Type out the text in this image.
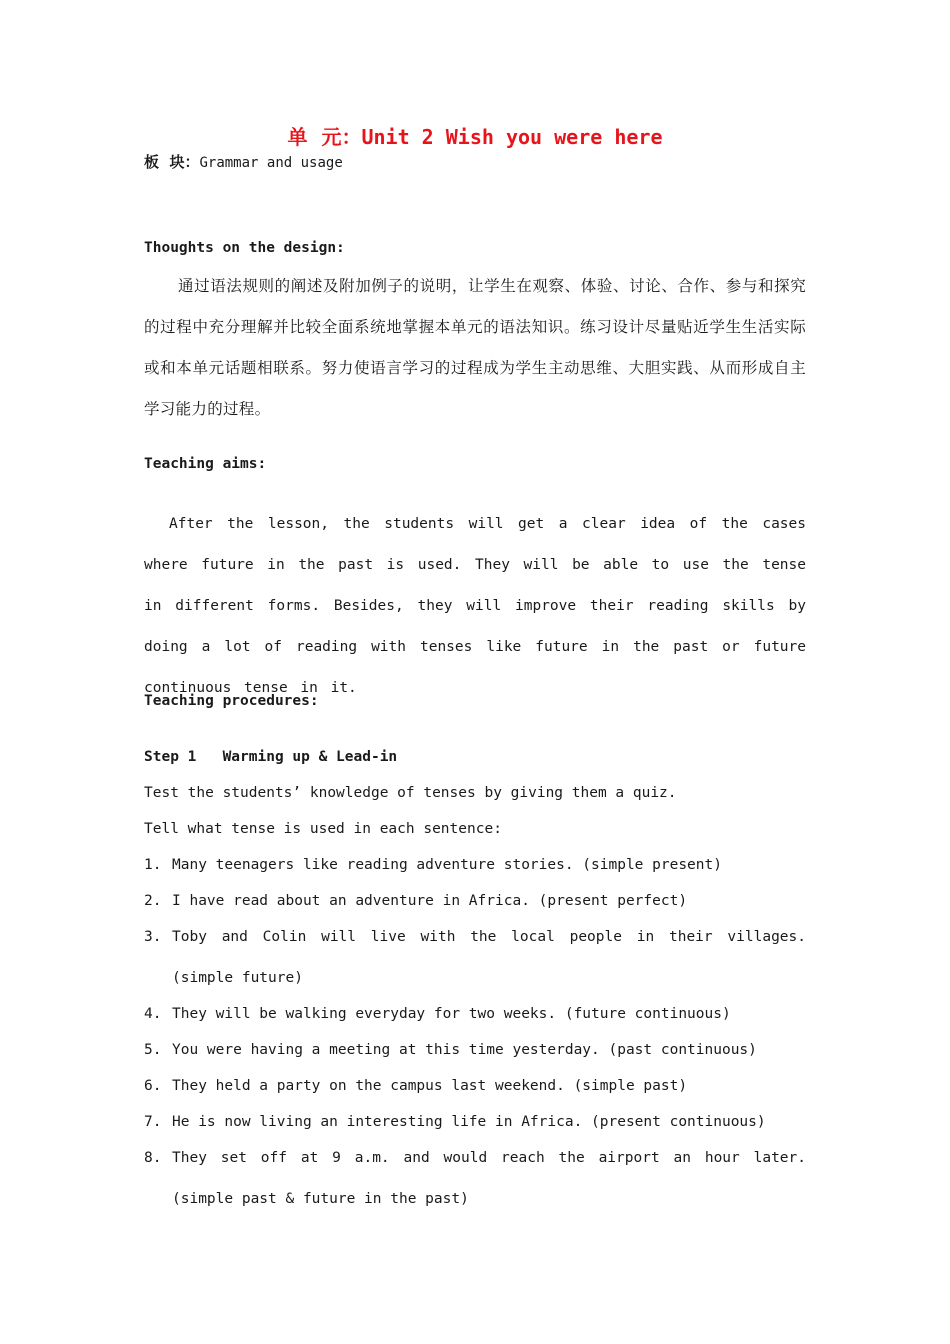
单  元：Unit 2 Wish you were here
板  块：Grammar and usage
Thoughts on the design:
通过语法规则的阐述及附加例子的说明，让学生在观察、体验、讨论、合作、参与和探究的过程中充分理解并比较全面系统地掌握本单元的语法知识。练习设计尽量贴近学生生活实际或和本单元话题相联系。努力使语言学习的过程成为学生主动思维、大胆实践、从而形成自主学习能力的过程。
Teaching aims:
After the lesson, the students will get a clear idea of the cases where future in the past is used. They will be able to use the tense in different forms. Besides, they will improve their reading skills by doing a lot of reading with tenses like future in the past or future continuous tense in it.
Teaching procedures:
Step 1   Warming up & Lead-in
Test the students’ knowledge of tenses by giving them a quiz.
Tell what tense is used in each sentence:
1. Many teenagers like reading adventure stories. (simple present)
2. I have read about an adventure in Africa. (present perfect)
3. Toby and Colin will live with the local people in their villages. (simple future)
4. They will be walking everyday for two weeks. (future continuous)
5. You were having a meeting at this time yesterday. (past continuous)
6. They held a party on the campus last weekend. (simple past)
7. He is now living an interesting life in Africa. (present continuous)
8. They set off at 9 a.m. and would reach the airport an hour later. (simple past & future in the past)
